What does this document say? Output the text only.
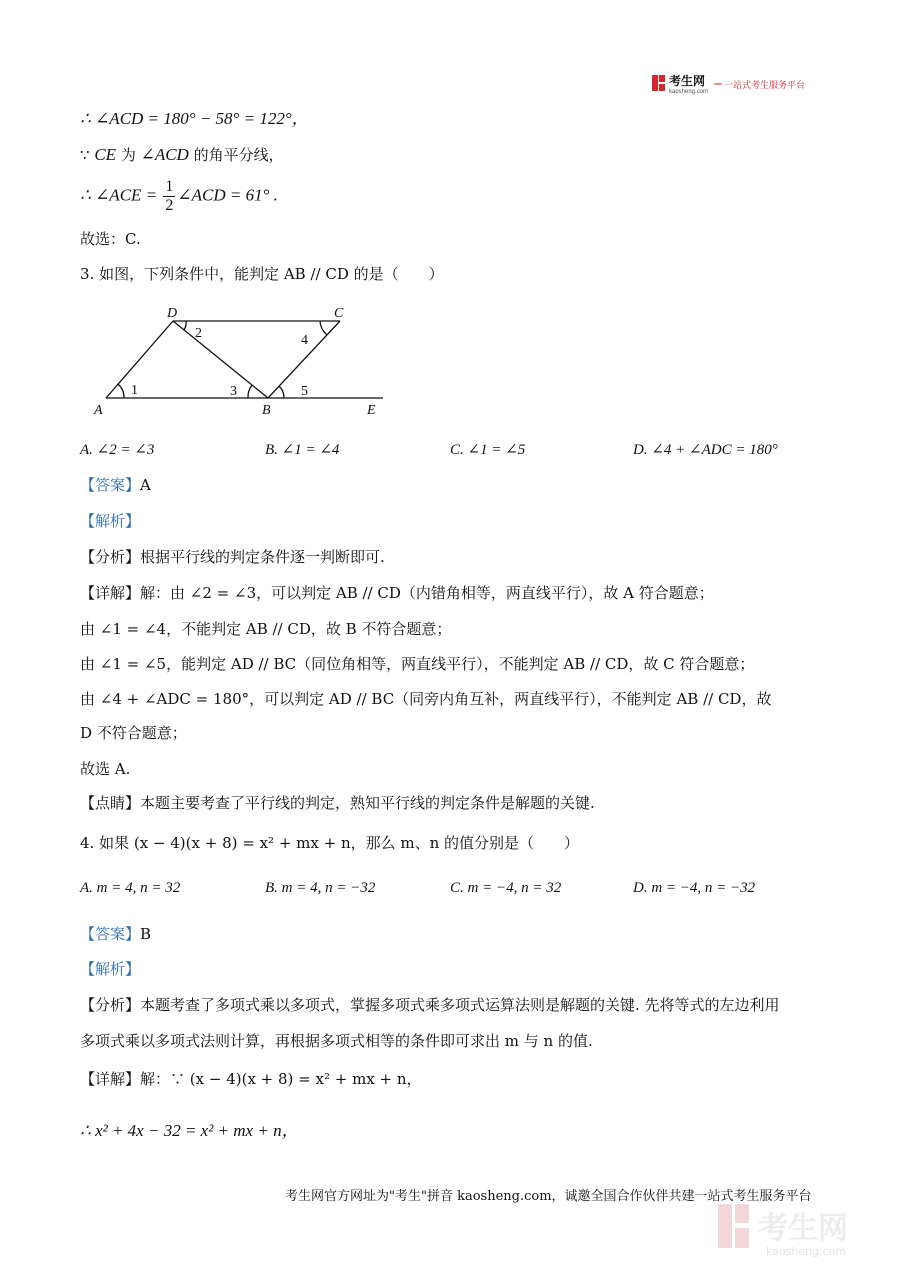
考生网
kaosheng.com
一站式考生服务平台
∴ ∠ACD = 180° − 58° = 122°，
∵ CE 为 ∠ACD 的角平分线，
∴ ∠ACE = $\frac{1}{2}$ ∠ACD = 61° .
故选：C.
3. 如图，下列条件中，能判定 AB // CD 的是（　　）
D	C
A	B	E
1
2
3
4
5
A. ∠2 = ∠3	B. ∠1 = ∠4	C. ∠1 = ∠5	D. ∠4 + ∠ADC = 180°
【答案】A
【解析】
【分析】根据平行线的判定条件逐一判断即可.
【详解】解：由 ∠2 = ∠3，可以判定 AB // CD（内错角相等，两直线平行），故 A 符合题意；
由 ∠1 = ∠4，不能判定 AB // CD，故 B 不符合题意；
由 ∠1 = ∠5，能判定 AD // BC（同位角相等，两直线平行），不能判定 AB // CD，故 C 符合题意；
由 ∠4 + ∠ADC = 180°，可以判定 AD // BC（同旁内角互补，两直线平行），不能判定 AB // CD，故
D 不符合题意；
故选 A.
【点睛】本题主要考查了平行线的判定，熟知平行线的判定条件是解题的关键.
4. 如果 (x − 4)(x + 8) = x² + mx + n，那么 m、n 的值分别是（　　）
A. m = 4, n = 32	B. m = 4, n = −32	C. m = −4, n = 32	D. m = −4, n = −32
【答案】B
【解析】
【分析】本题考查了多项式乘以多项式，掌握多项式乘多项式运算法则是解题的关键. 先将等式的左边利用
多项式乘以多项式法则计算，再根据多项式相等的条件即可求出 m 与 n 的值.
【详解】解：∵ (x − 4)(x + 8) = x² + mx + n，
∴ x² + 4x − 32 = x² + mx + n，
考生网官方网址为"考生"拼音 kaosheng.com，诚邀全国合作伙伴共建一站式考生服务平台
考生网
kaosheng.com
